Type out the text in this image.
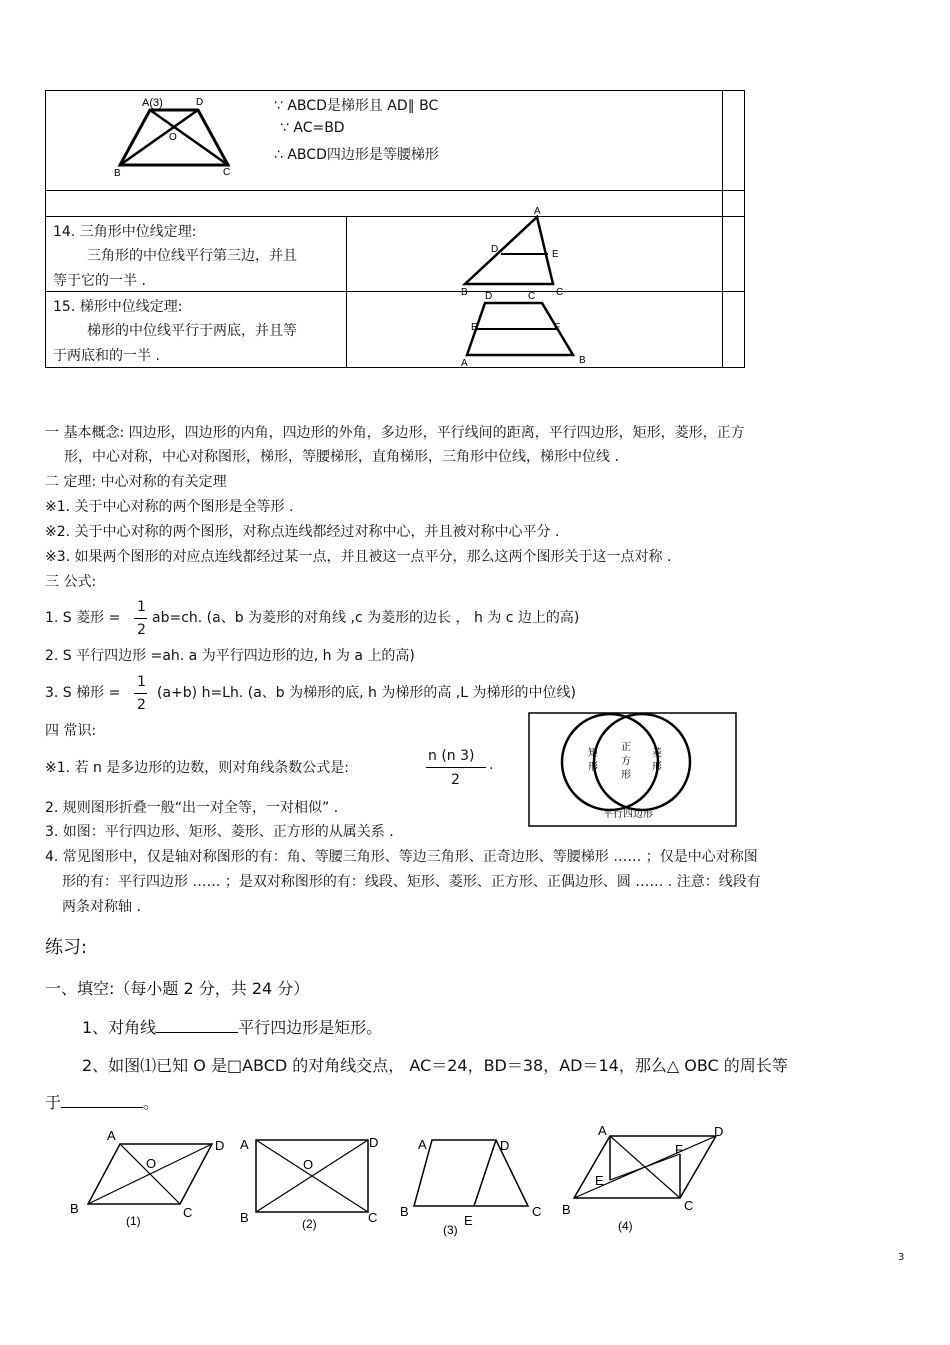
A(3)	D
O
B	C
∵ ABCD是梯形且 AD∥ BC
∵ AC=BD
∴ ABCD四边形是等腰梯形
14. 三角形中位线定理:
三角形的中位线平行第三边，并且
等于它的一半 .
A
D	E
B	C
15. 梯形中位线定理:
梯形的中位线平行于两底，并且等
于两底和的一半 .
D	C
E	F
A	B
一 基本概念: 四边形，四边形的内角，四边形的外角，多边形，平行线间的距离，平行四边形，矩形，菱形，正方
形，中心对称，中心对称图形，梯形，等腰梯形，直角梯形，三角形中位线，梯形中位线 .
二 定理: 中心对称的有关定理
※1. 关于中心对称的两个图形是全等形 .
※2. 关于中心对称的两个图形，对称点连线都经过对称中心，并且被对称中心平分 .
※3. 如果两个图形的对应点连线都经过某一点，并且被这一点平分，那么这两个图形关于这一点对称 .
三 公式:
1. S 菱形 =
1
2
ab=ch. (a、b 为菱形的对角线 ,c 为菱形的边长 ， h 为 c 边上的高)
2. S 平行四边形 =ah. a 为平行四边形的边, h 为 a 上的高)
3. S 梯形 =
1
2
(a+b) h=Lh. (a、b 为梯形的底, h 为梯形的高 ,L 为梯形的中位线)
四 常识:
※1. 若 n 是多边形的边数，则对角线条数公式是:
n (n 3)
2
.
2. 规则图形折叠一般“出一对全等，一对相似” .
3. 如图：平行四边形、矩形、菱形、正方形的从属关系 .
4. 常见图形中，仅是轴对称图形的有：角、等腰三角形、等边三角形、正奇边形、等腰梯形 …… ；仅是中心对称图
形的有：平行四边形 …… ；是双对称图形的有：线段、矩形、菱形、正方形、正偶边形、圆 …… . 注意：线段有
两条对称轴 .
矩
形
正
方
形
菱
形
平行四边形
练习:
一、填空:（每小题 2 分，共 24 分）
1、对角线	平行四边形是矩形。
2、如图⑴已知 O 是□ABCD 的对角线交点， AC＝24，BD＝38，AD＝14，那么△ OBC 的周长等
于	。
A
D
O
B	C
(1)
A	D
O
B	C
(2)
A	D
B	C
E
(3)
A	D
F
E
B	C
(4)
3
